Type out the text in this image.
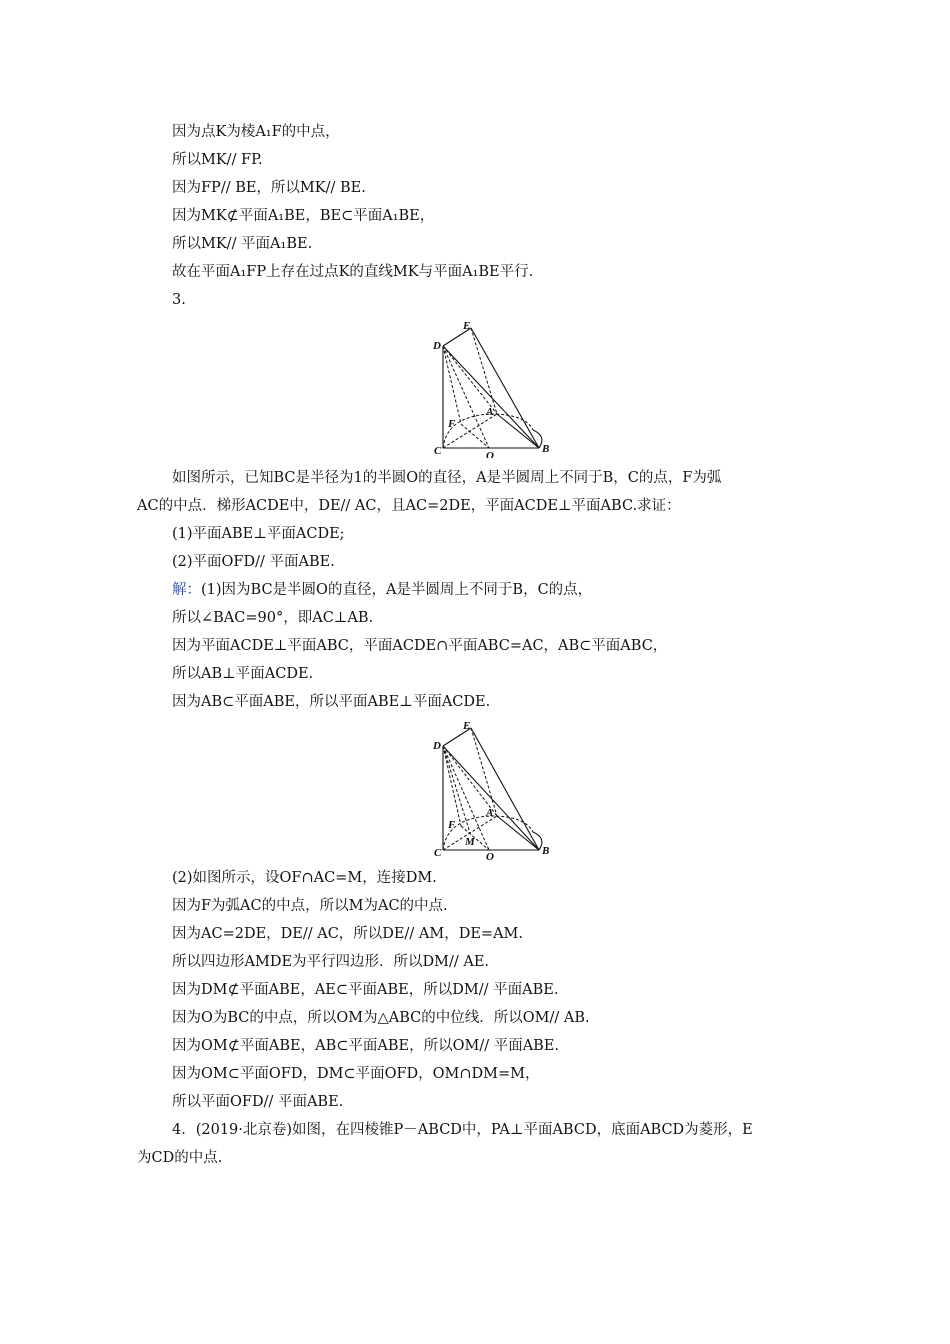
因为点K为棱A₁F的中点，
所以MK// FP.
因为FP// BE，所以MK// BE.
因为MK⊄平面A₁BE，BE⊂平面A₁BE，
所以MK// 平面A₁BE.
故在平面A₁FP上存在过点K的直线MK与平面A₁BE平行.
3.
E
D
A
F
C	O
B
如图所示，已知BC是半径为1的半圆O的直径，A是半圆周上不同于B，C的点，F为弧
AC的中点．梯形ACDE中，DE// AC，且AC=2DE，平面ACDE⊥平面ABC.求证：
(1)平面ABE⊥平面ACDE;
(2)平面OFD// 平面ABE.
解：(1)因为BC是半圆O的直径，A是半圆周上不同于B，C的点，
所以∠BAC=90°，即AC⊥AB.
因为平面ACDE⊥平面ABC，平面ACDE∩平面ABC=AC，AB⊂平面ABC，
所以AB⊥平面ACDE.
因为AB⊂平面ABE，所以平面ABE⊥平面ACDE.
E
D
A
F
M
C	O	B
(2)如图所示，设OF∩AC=M，连接DM.
因为F为弧AC的中点，所以M为AC的中点.
因为AC=2DE，DE// AC，所以DE// AM，DE=AM.
所以四边形AMDE为平行四边形．所以DM// AE.
因为DM⊄平面ABE，AE⊂平面ABE，所以DM// 平面ABE.
因为O为BC的中点，所以OM为△ABC的中位线．所以OM// AB.
因为OM⊄平面ABE，AB⊂平面ABE，所以OM// 平面ABE.
因为OM⊂平面OFD，DM⊂平面OFD，OM∩DM=M，
所以平面OFD// 平面ABE.
4．(2019·北京卷)如图，在四棱锥P－ABCD中，PA⊥平面ABCD，底面ABCD为菱形，E
为CD的中点.
